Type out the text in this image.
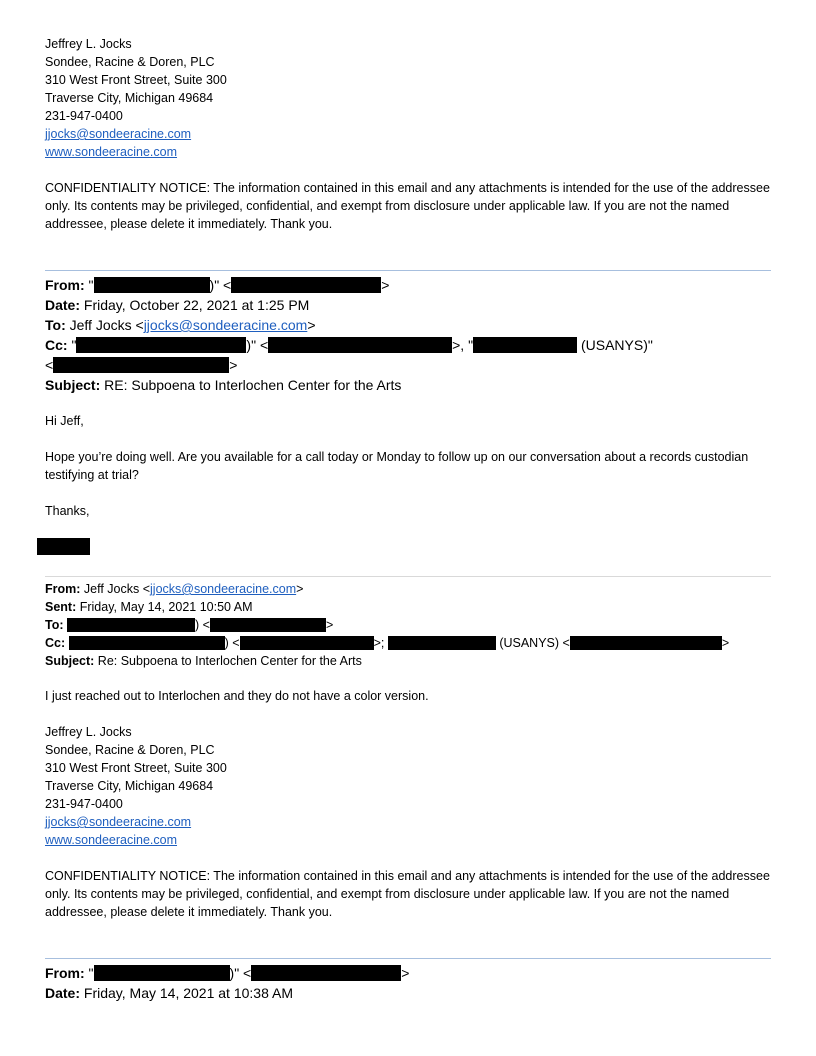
Jeffrey L. Jocks
Sondee, Racine & Doren, PLC
310 West Front Street, Suite 300
Traverse City, Michigan 49684
231-947-0400
jjocks@sondeeracine.com
www.sondeeracine.com

CONFIDENTIALITY NOTICE: The information contained in this email and any attachments is intended for the use of the addressee only. Its contents may be privileged, confidential, and exempt from disclosure under applicable law. If you are not the named addressee, please delete it immediately. Thank you.

From: "	)" <	>
Date: Friday, October 22, 2021 at 1:25 PM
To: Jeff Jocks <jjocks@sondeeracine.com>
Cc: "	)" <	>, "	(USANYS)"
<	>
Subject: RE: Subpoena to Interlochen Center for the Arts
Hi Jeff,

Hope you’re doing well. Are you available for a call today or Monday to follow up on our conversation about a records custodian testifying at trial?

Thanks,
From: Jeff Jocks <jjocks@sondeeracine.com>
Sent: Friday, May 14, 2021 10:50 AM
To:	) <	>
Cc:	) <	>;	(USANYS) <	>
Subject: Re: Subpoena to Interlochen Center for the Arts
I just reached out to Interlochen and they do not have a color version.
Jeffrey L. Jocks
Sondee, Racine & Doren, PLC
310 West Front Street, Suite 300
Traverse City, Michigan 49684
231-947-0400
jjocks@sondeeracine.com
www.sondeeracine.com

CONFIDENTIALITY NOTICE: The information contained in this email and any attachments is intended for the use of the addressee only. Its contents may be privileged, confidential, and exempt from disclosure under applicable law. If you are not the named addressee, please delete it immediately. Thank you.

From: "	)" <	>
Date: Friday, May 14, 2021 at 10:38 AM
